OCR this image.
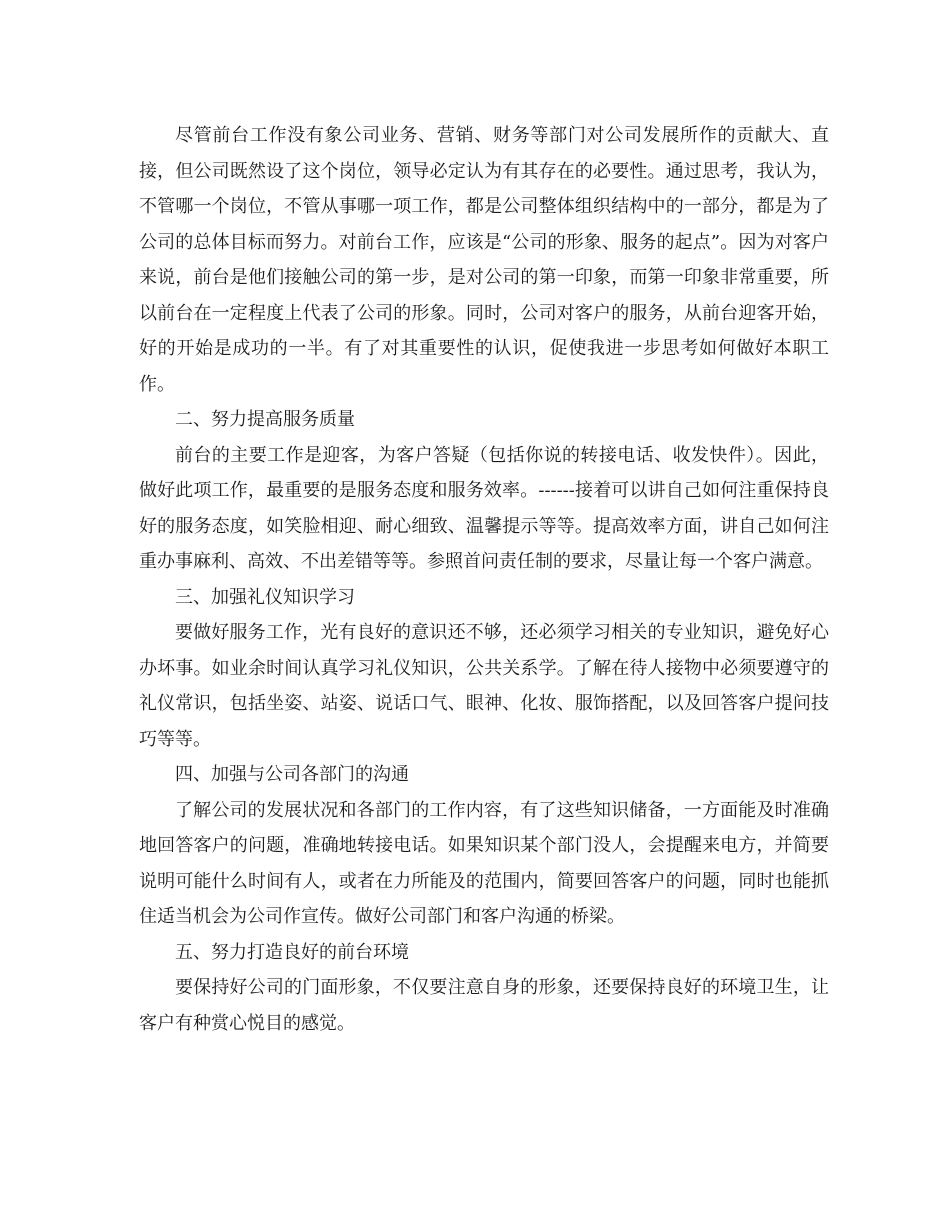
尽管前台工作没有象公司业务、营销、财务等部门对公司发展所作的贡献大、直接，但公司既然设了这个岗位，领导必定认为有其存在的必要性。通过思考，我认为，不管哪一个岗位，不管从事哪一项工作，都是公司整体组织结构中的一部分，都是为了公司的总体目标而努力。对前台工作，应该是“公司的形象、服务的起点”。因为对客户来说，前台是他们接触公司的第一步，是对公司的第一印象，而第一印象非常重要，所以前台在一定程度上代表了公司的形象。同时，公司对客户的服务，从前台迎客开始，好的开始是成功的一半。有了对其重要性的认识，促使我进一步思考如何做好本职工作。

二、努力提高服务质量

前台的主要工作是迎客，为客户答疑（包括你说的转接电话、收发快件）。因此，做好此项工作，最重要的是服务态度和服务效率。------接着可以讲自己如何注重保持良好的服务态度，如笑脸相迎、耐心细致、温馨提示等等。提高效率方面，讲自己如何注重办事麻利、高效、不出差错等等。参照首问责任制的要求，尽量让每一个客户满意。

三、加强礼仪知识学习

要做好服务工作，光有良好的意识还不够，还必须学习相关的专业知识，避免好心办坏事。如业余时间认真学习礼仪知识，公共关系学。了解在待人接物中必须要遵守的礼仪常识，包括坐姿、站姿、说话口气、眼神、化妆、服饰搭配，以及回答客户提问技巧等等。

四、加强与公司各部门的沟通

了解公司的发展状况和各部门的工作内容，有了这些知识储备，一方面能及时准确地回答客户的问题，准确地转接电话。如果知识某个部门没人，会提醒来电方，并简要说明可能什么时间有人，或者在力所能及的范围内，简要回答客户的问题，同时也能抓住适当机会为公司作宣传。做好公司部门和客户沟通的桥梁。

五、努力打造良好的前台环境

要保持好公司的门面形象，不仅要注意自身的形象，还要保持良好的环境卫生，让客户有种赏心悦目的感觉。
